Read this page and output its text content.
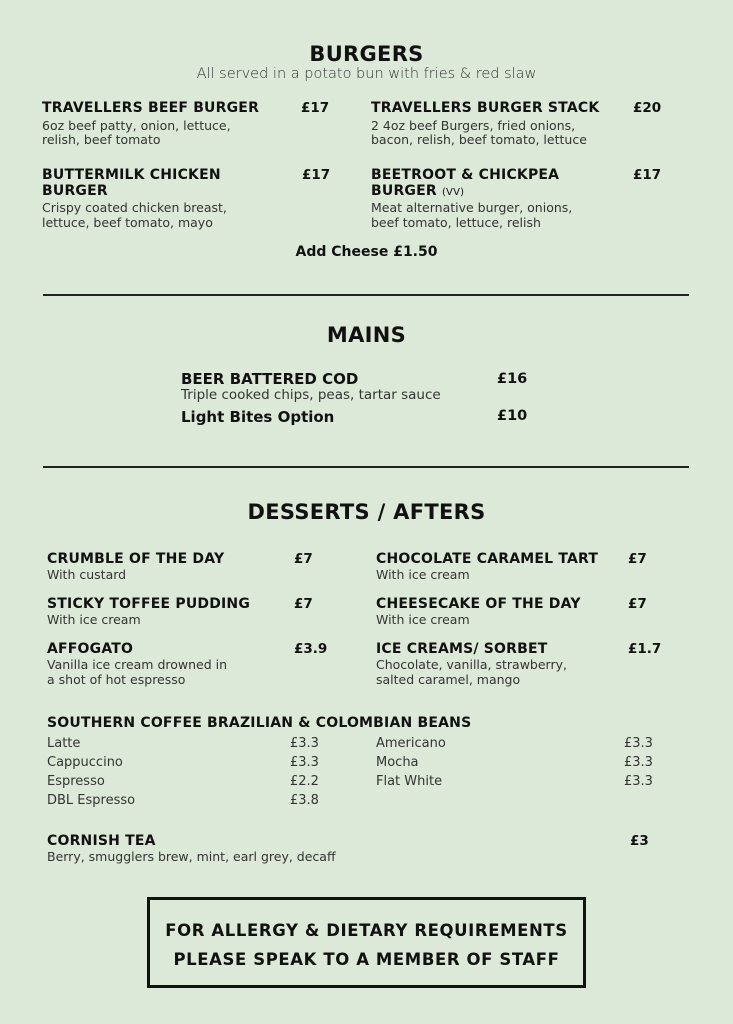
BURGERS
All served in a potato bun with fries & red slaw
TRAVELLERS BEEF BURGER	£17
6oz beef patty, onion, lettuce,
relish, beef tomato
TRAVELLERS BURGER STACK £20
2 4oz beef Burgers, fried onions,
bacon, relish, beef tomato, lettuce
BUTTERMILK CHICKEN
BURGER
£17
Crispy coated chicken breast,
lettuce, beef tomato, mayo
BEETROOT & CHICKPEA
BURGER (VV)
£17
Meat alternative burger, onions,
beef tomato, lettuce, relish
Add Cheese £1.50
MAINS
BEER BATTERED COD	£16
Triple cooked chips, peas, tartar sauce
Light Bites Option	£10
DESSERTS / AFTERS
CRUMBLE OF THE DAY	£7
With custard
CHOCOLATE CARAMEL TART £7
With ice cream
STICKY TOFFEE PUDDING	£7
With ice cream
CHEESECAKE OF THE DAY	£7
With ice cream
AFFOGATO	£3.9
Vanilla ice cream drowned in
a shot of hot espresso
ICE CREAMS/ SORBET	£1.7
Chocolate, vanilla, strawberry,
salted caramel, mango
SOUTHERN COFFEE BRAZILIAN & COLOMBIAN BEANS
Latte	£3.3
Cappuccino	£3.3
Espresso	£2.2
DBL Espresso	£3.8
Americano	£3.3
Mocha	£3.3
Flat White	£3.3
CORNISH TEA	£3
Berry, smugglers brew, mint, earl grey, decaff
FOR ALLERGY & DIETARY REQUIREMENTS
PLEASE SPEAK TO A MEMBER OF STAFF
